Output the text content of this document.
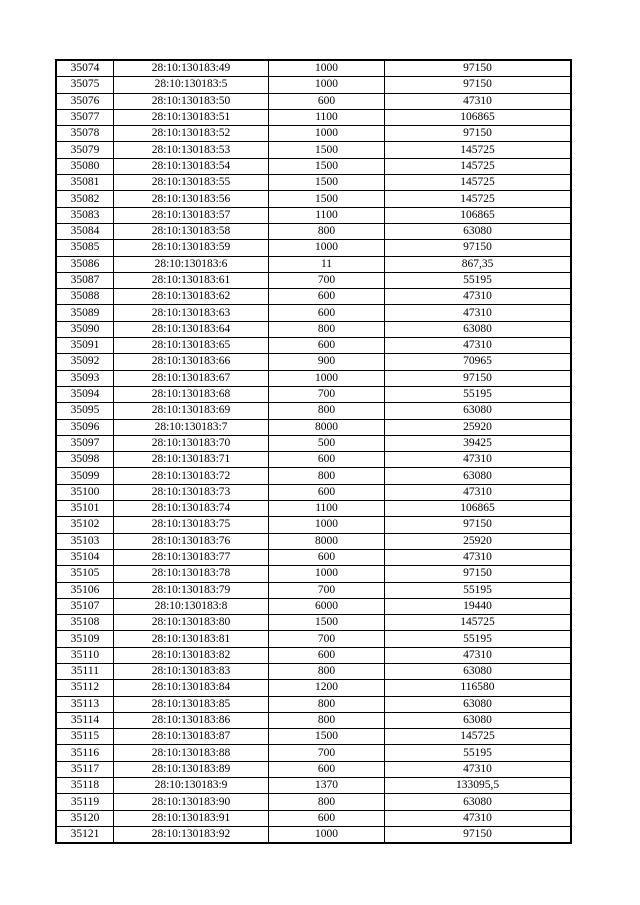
35074	28:10:130183:49	1000	97150
35075	28:10:130183:5	1000	97150
35076	28:10:130183:50	600	47310
35077	28:10:130183:51	1100	106865
35078	28:10:130183:52	1000	97150
35079	28:10:130183:53	1500	145725
35080	28:10:130183:54	1500	145725
35081	28:10:130183:55	1500	145725
35082	28:10:130183:56	1500	145725
35083	28:10:130183:57	1100	106865
35084	28:10:130183:58	800	63080
35085	28:10:130183:59	1000	97150
35086	28:10:130183:6	11	867,35
35087	28:10:130183:61	700	55195
35088	28:10:130183:62	600	47310
35089	28:10:130183:63	600	47310
35090	28:10:130183:64	800	63080
35091	28:10:130183:65	600	47310
35092	28:10:130183:66	900	70965
35093	28:10:130183:67	1000	97150
35094	28:10:130183:68	700	55195
35095	28:10:130183:69	800	63080
35096	28:10:130183:7	8000	25920
35097	28:10:130183:70	500	39425
35098	28:10:130183:71	600	47310
35099	28:10:130183:72	800	63080
35100	28:10:130183:73	600	47310
35101	28:10:130183:74	1100	106865
35102	28:10:130183:75	1000	97150
35103	28:10:130183:76	8000	25920
35104	28:10:130183:77	600	47310
35105	28:10:130183:78	1000	97150
35106	28:10:130183:79	700	55195
35107	28:10:130183:8	6000	19440
35108	28:10:130183:80	1500	145725
35109	28:10:130183:81	700	55195
35110	28:10:130183:82	600	47310
35111	28:10:130183:83	800	63080
35112	28:10:130183:84	1200	116580
35113	28:10:130183:85	800	63080
35114	28:10:130183:86	800	63080
35115	28:10:130183:87	1500	145725
35116	28:10:130183:88	700	55195
35117	28:10:130183:89	600	47310
35118	28:10:130183:9	1370	133095,5
35119	28:10:130183:90	800	63080
35120	28:10:130183:91	600	47310
35121	28:10:130183:92	1000	97150
